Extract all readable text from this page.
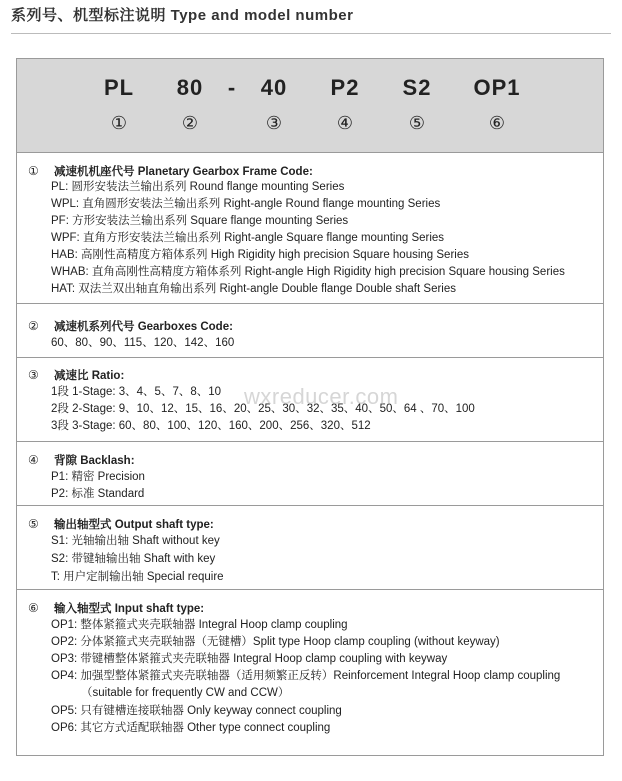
系列号、机型标注说明 Type and model number
PL 80 - 40 P2 S2 OP1
①	②	③	④	⑤	⑥
① 减速机机座代号 Planetary Gearbox Frame Code:
PL: 圆形安装法兰输出系列 Round flange mounting Series
WPL: 直角圆形安装法兰输出系列 Right-angle Round flange mounting Series
PF: 方形安装法兰输出系列 Square flange mounting Series
WPF: 直角方形安装法兰输出系列 Right-angle Square flange mounting Series
HAB: 高刚性高精度方箱体系列 High Rigidity high precision Square housing Series
WHAB: 直角高刚性高精度方箱体系列 Right-angle High Rigidity high precision Square housing Series
HAT: 双法兰双出轴直角输出系列 Right-angle Double flange Double shaft Series
② 减速机系列代号 Gearboxes Code:
60、80、90、115、120、142、160
③ 减速比 Ratio:
1段 1-Stage: 3、4、5、7、8、10
2段 2-Stage: 9、10、12、15、16、20、25、30、32、35、40、50、64 、70、100
3段 3-Stage: 60、80、100、120、160、200、256、320、512
④ 背隙 Backlash:
P1: 精密 Precision
P2: 标准 Standard
⑤ 输出轴型式 Output shaft type:
S1: 光轴输出轴 Shaft without key
S2: 带键轴输出轴 Shaft with key
T: 用户定制输出轴 Special require
⑥ 输入轴型式 Input shaft type:
OP1: 整体紧箍式夹壳联轴器 Integral Hoop clamp coupling
OP2: 分体紧箍式夹壳联轴器（无键槽）Split type Hoop clamp coupling (without keyway)
OP3: 带键槽整体紧箍式夹壳联轴器 Integral Hoop clamp coupling with keyway
OP4: 加强型整体紧箍式夹壳联轴器（适用频繁正反转）Reinforcement Integral Hoop clamp coupling
（suitable for frequently CW and CCW）
OP5: 只有键槽连接联轴器 Only keyway connect coupling
OP6: 其它方式适配联轴器 Other type connect coupling
wxreducer.com
